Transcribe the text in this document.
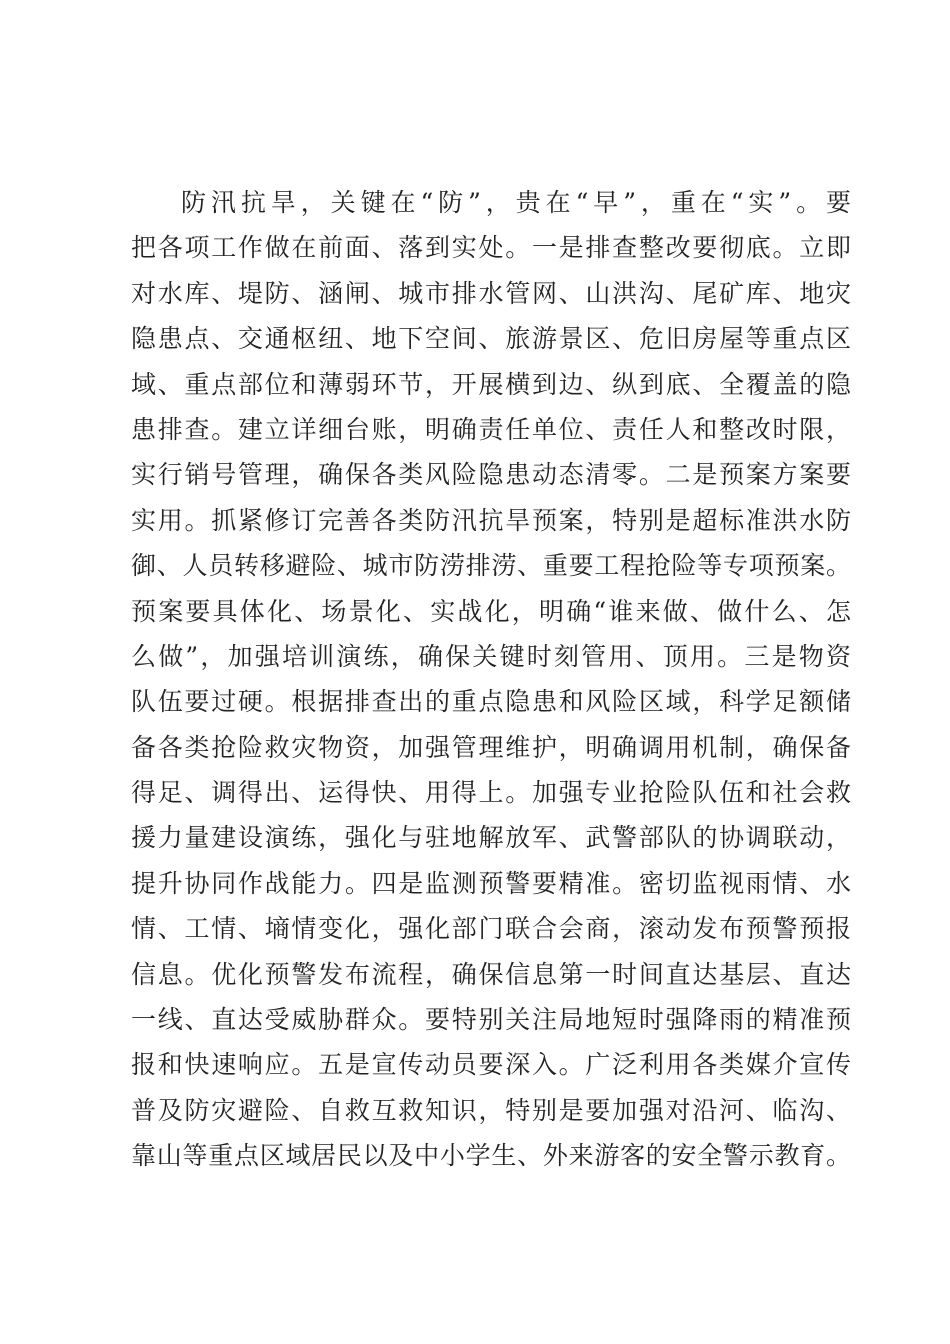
防汛抗旱，关键在“防”，贵在“早”，重在“实”。要
把各项工作做在前面、落到实处。一是排查整改要彻底。立即
对水库、堤防、涵闸、城市排水管网、山洪沟、尾矿库、地灾
隐患点、交通枢纽、地下空间、旅游景区、危旧房屋等重点区
域、重点部位和薄弱环节，开展横到边、纵到底、全覆盖的隐
患排查。建立详细台账，明确责任单位、责任人和整改时限，
实行销号管理，确保各类风险隐患动态清零。二是预案方案要
实用。抓紧修订完善各类防汛抗旱预案，特别是超标准洪水防
御、人员转移避险、城市防涝排涝、重要工程抢险等专项预案。
预案要具体化、场景化、实战化，明确“谁来做、做什么、怎
么做”，加强培训演练，确保关键时刻管用、顶用。三是物资
队伍要过硬。根据排查出的重点隐患和风险区域，科学足额储
备各类抢险救灾物资，加强管理维护，明确调用机制，确保备
得足、调得出、运得快、用得上。加强专业抢险队伍和社会救
援力量建设演练，强化与驻地解放军、武警部队的协调联动，
提升协同作战能力。四是监测预警要精准。密切监视雨情、水
情、工情、墒情变化，强化部门联合会商，滚动发布预警预报
信息。优化预警发布流程，确保信息第一时间直达基层、直达
一线、直达受威胁群众。要特别关注局地短时强降雨的精准预
报和快速响应。五是宣传动员要深入。广泛利用各类媒介宣传
普及防灾避险、自救互救知识，特别是要加强对沿河、临沟、
靠山等重点区域居民以及中小学生、外来游客的安全警示教育。
